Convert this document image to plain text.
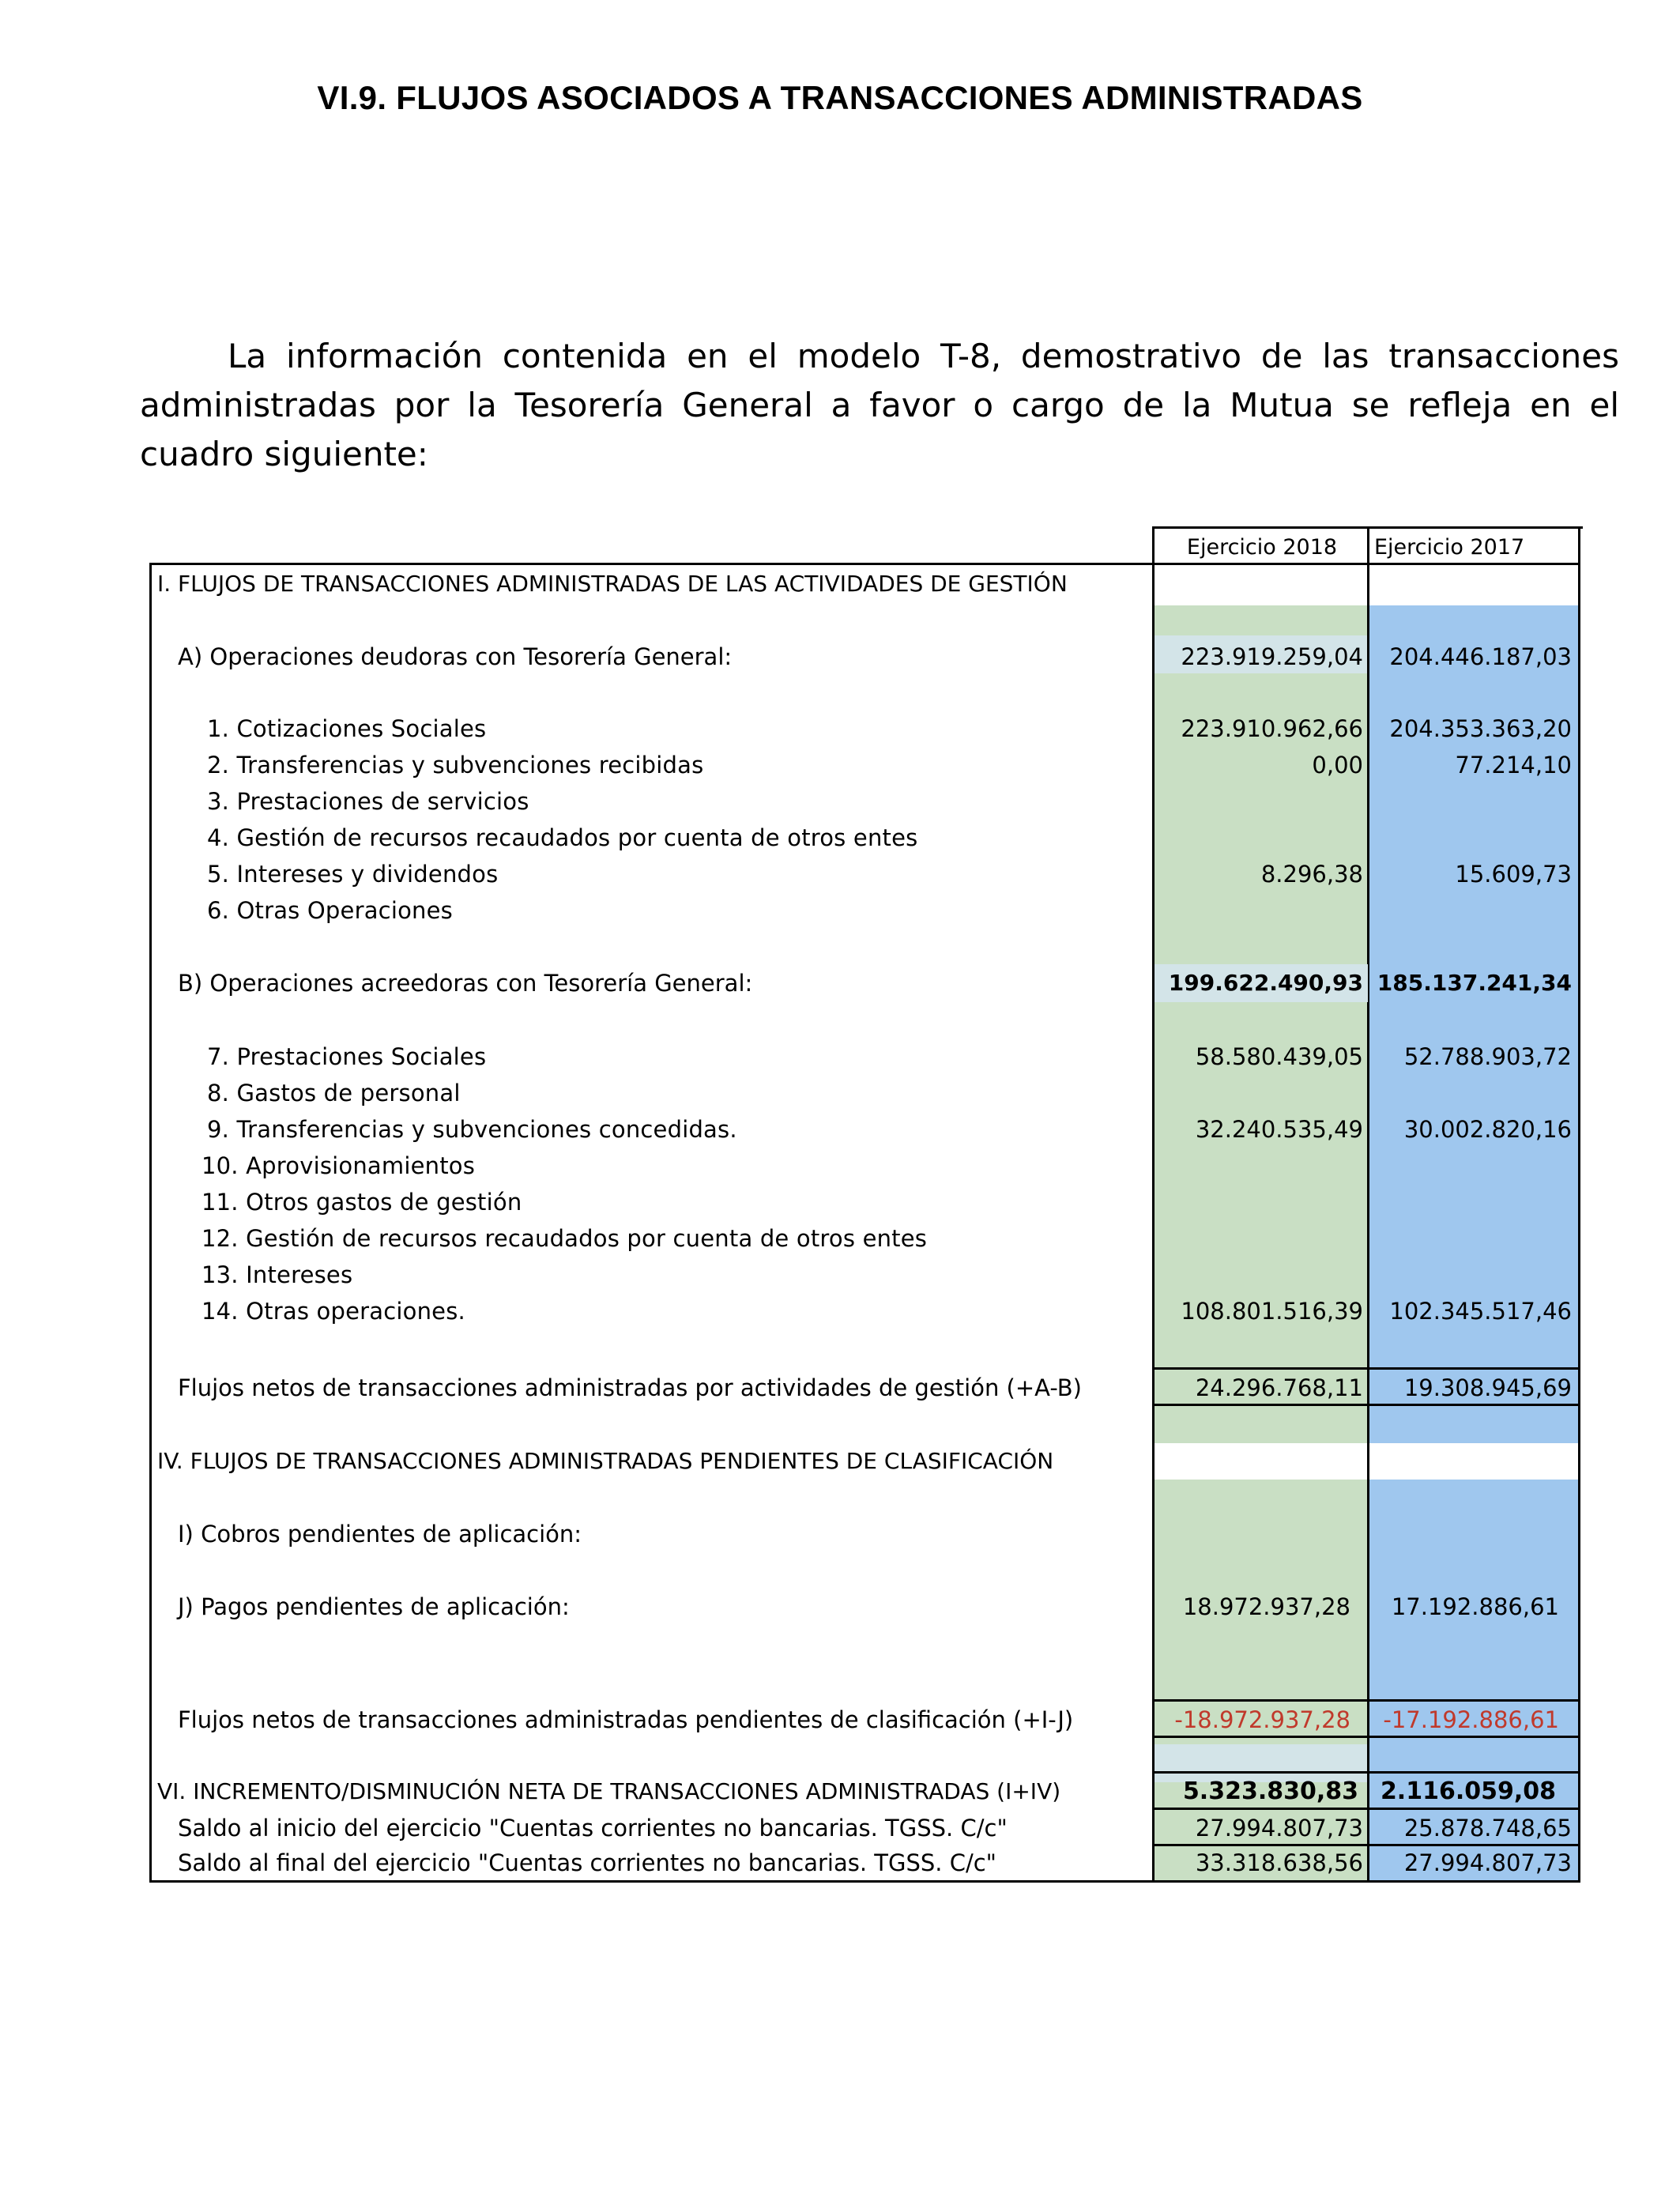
VI.9. FLUJOS ASOCIADOS A TRANSACCIONES ADMINISTRADAS
La información contenida en el modelo T-8, demostrativo de las transacciones administradas por la Tesorería General a favor o cargo de la Mutua se refleja en el cuadro siguiente:
Ejercicio 2018	Ejercicio 2017
I. FLUJOS DE TRANSACCIONES ADMINISTRADAS DE LAS ACTIVIDADES DE GESTIÓN
A) Operaciones deudoras con Tesorería General:	223.919.259,04	204.446.187,03
1. Cotizaciones Sociales	223.910.962,66	204.353.363,20
2. Transferencias y subvenciones recibidas	0,00	77.214,10
3. Prestaciones de servicios
4. Gestión de recursos recaudados por cuenta de otros entes
5. Intereses y dividendos	8.296,38	15.609,73
6. Otras Operaciones
B) Operaciones acreedoras con Tesorería General:	199.622.490,93 185.137.241,34
7. Prestaciones Sociales	58.580.439,05	52.788.903,72
8. Gastos de personal
9. Transferencias y subvenciones concedidas.	32.240.535,49	30.002.820,16
10. Aprovisionamientos
11. Otros gastos de gestión
12. Gestión de recursos recaudados por cuenta de otros entes
13. Intereses
14. Otras operaciones.	108.801.516,39	102.345.517,46
Flujos netos de transacciones administradas por actividades de gestión (+A-B)	24.296.768,11	19.308.945,69
IV. FLUJOS DE TRANSACCIONES ADMINISTRADAS PENDIENTES DE CLASIFICACIÓN
I) Cobros pendientes de aplicación:
J) Pagos pendientes de aplicación:	18.972.937,28	17.192.886,61
Flujos netos de transacciones administradas pendientes de clasificación (+I-J)	-18.972.937,28	-17.192.886,61
VI. INCREMENTO/DISMINUCIÓN NETA DE TRANSACCIONES ADMINISTRADAS (I+IV)	5.323.830,83 2.116.059,08
Saldo al inicio del ejercicio "Cuentas corrientes no bancarias. TGSS. C/c"	27.994.807,73	25.878.748,65
Saldo al final del ejercicio "Cuentas corrientes no bancarias. TGSS. C/c"	33.318.638,56	27.994.807,73
